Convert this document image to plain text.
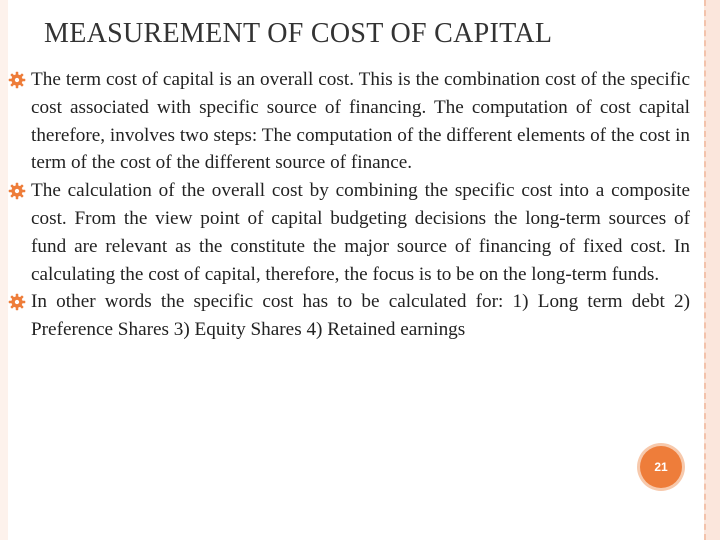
MEASUREMENT OF COST OF CAPITAL
The term cost of capital is an overall cost. This is the combination cost of the specific cost associated with specific source of financing. The computation of cost capital therefore, involves two steps: The computation of the different elements of the cost in term of the cost of the different source of finance.
The calculation of the overall cost by combining the specific cost into a composite cost. From the view point of capital budgeting decisions the long-term sources of fund are relevant as the constitute the major source of financing of fixed cost. In calculating the cost of capital, therefore, the focus is to be on the long-term funds.
In other words the specific cost has to be calculated for: 1) Long term debt 2) Preference Shares 3) Equity Shares 4) Retained earnings
21
